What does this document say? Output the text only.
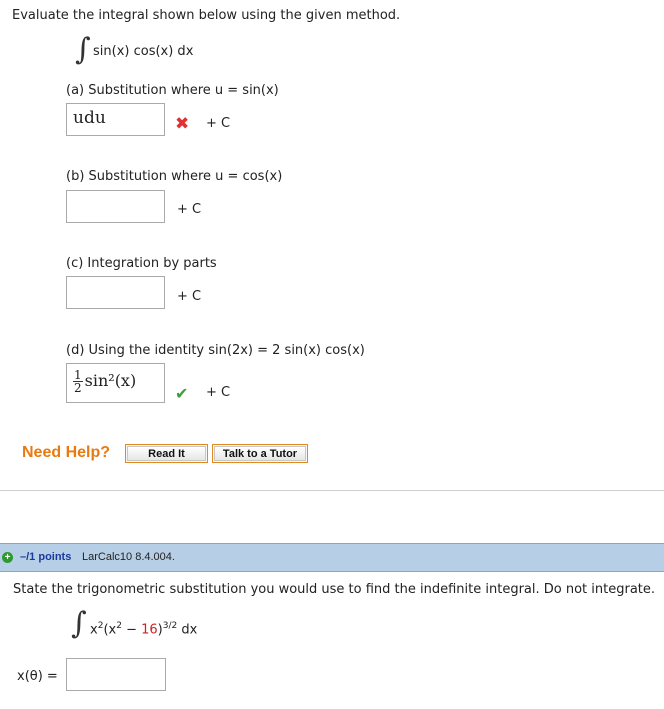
Evaluate the integral shown below using the given method.
∫ sin(x) cos(x) dx
(a) Substitution where u = sin(x)
udu	✖ + C
(b) Substitution where u = cos(x)
+ C
(c) Integration by parts
+ C
(d) Using the identity sin(2x) = 2 sin(x) cos(x)
$\frac{1}{2} \sin^2(x)$
✔ + C
Need Help?	Read It	Talk to a Tutor
+ –/1 points LarCalc10 8.4.004.
State the trigonometric substitution you would use to find the indefinite integral. Do not integrate.
∫ $x^2(x^2 - 16)^{3/2}$ dx
x(θ) =
